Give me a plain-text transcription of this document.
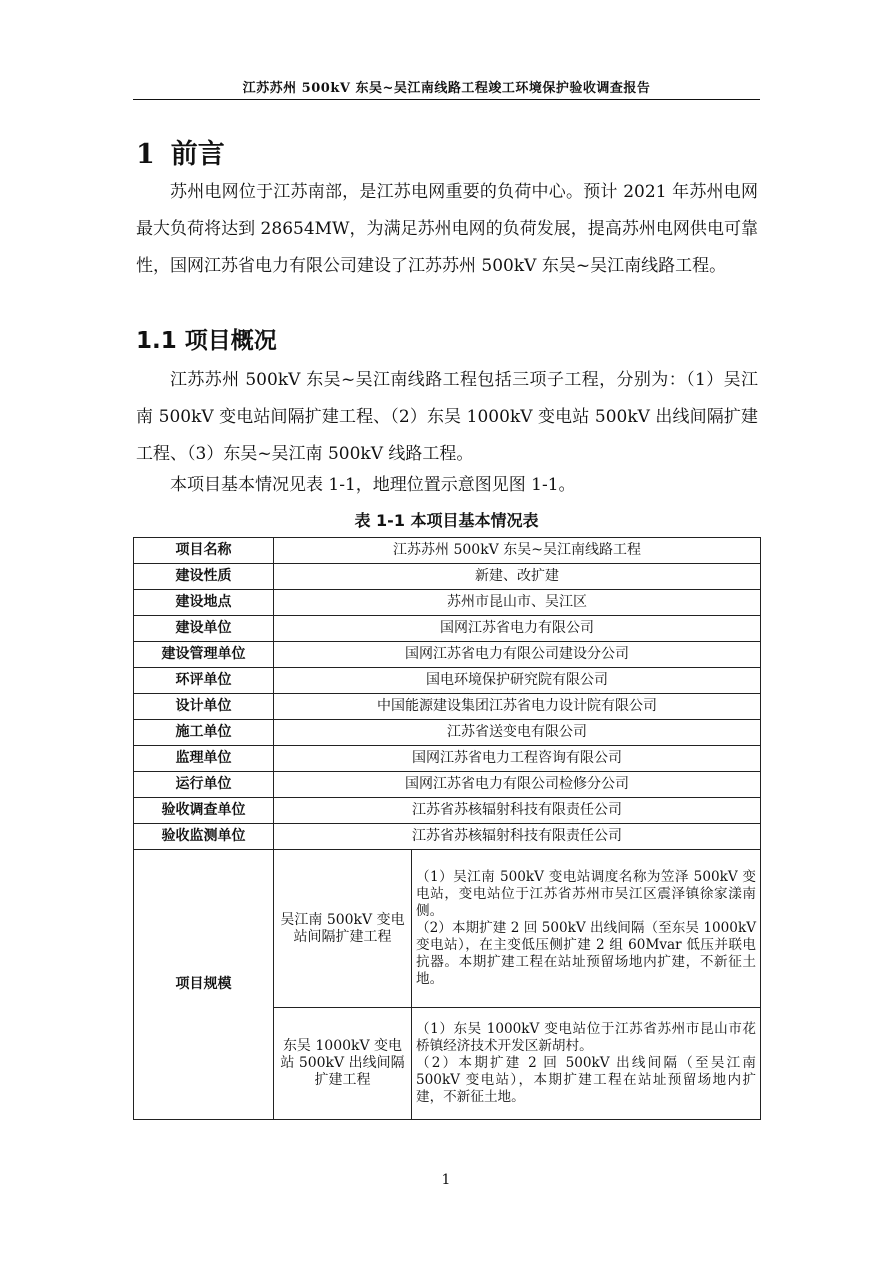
江苏苏州 500kV 东吴~吴江南线路工程竣工环境保护验收调查报告
1 前言

苏州电网位于江苏南部，是江苏电网重要的负荷中心。预计 2021 年苏州电网最大负荷将达到 28654MW，为满足苏州电网的负荷发展，提高苏州电网供电可靠性，国网江苏省电力有限公司建设了江苏苏州 500kV 东吴~吴江南线路工程。

1.1 项目概况

江苏苏州 500kV 东吴~吴江南线路工程包括三项子工程，分别为：（1）吴江南 500kV 变电站间隔扩建工程、（2）东吴 1000kV 变电站 500kV 出线间隔扩建工程、（3）东吴~吴江南 500kV 线路工程。

本项目基本情况见表 1-1，地理位置示意图见图 1-1。

表 1-1 本项目基本情况表
项目名称	江苏苏州 500kV 东吴~吴江南线路工程	
建设性质	新建、改扩建	
建设地点	苏州市昆山市、吴江区	
建设单位	国网江苏省电力有限公司	
建设管理单位	国网江苏省电力有限公司建设分公司	
环评单位	国电环境保护研究院有限公司	
设计单位	中国能源建设集团江苏省电力设计院有限公司	
施工单位	江苏省送变电有限公司	
监理单位	国网江苏省电力工程咨询有限公司	
运行单位	国网江苏省电力有限公司检修分公司	
验收调查单位	江苏省苏核辐射科技有限责任公司	
验收监测单位	江苏省苏核辐射科技有限责任公司	
项目规模	吴江南 500kV 变电站间隔扩建工程	（1）吴江南 500kV 变电站调度名称为笠泽 500kV 变电站，变电站位于江苏省苏州市吴江区震泽镇徐家漾南侧。

（2）本期扩建 2 回 500kV 出线间隔（至东吴 1000kV 变电站），在主变低压侧扩建 2 组 60Mvar 低压并联电抗器。本期扩建工程在站址预留场地内扩建，不新征土地。

	东吴 1000kV 变电站 500kV 出线间隔扩建工程	（1）东吴 1000kV 变电站位于江苏省苏州市昆山市花桥镇经济技术开发区新胡村。

（2）本期扩建 2 回 500kV 出线间隔（至吴江南 500kV 变电站），本期扩建工程在站址预留场地内扩建，不新征土地。

1
